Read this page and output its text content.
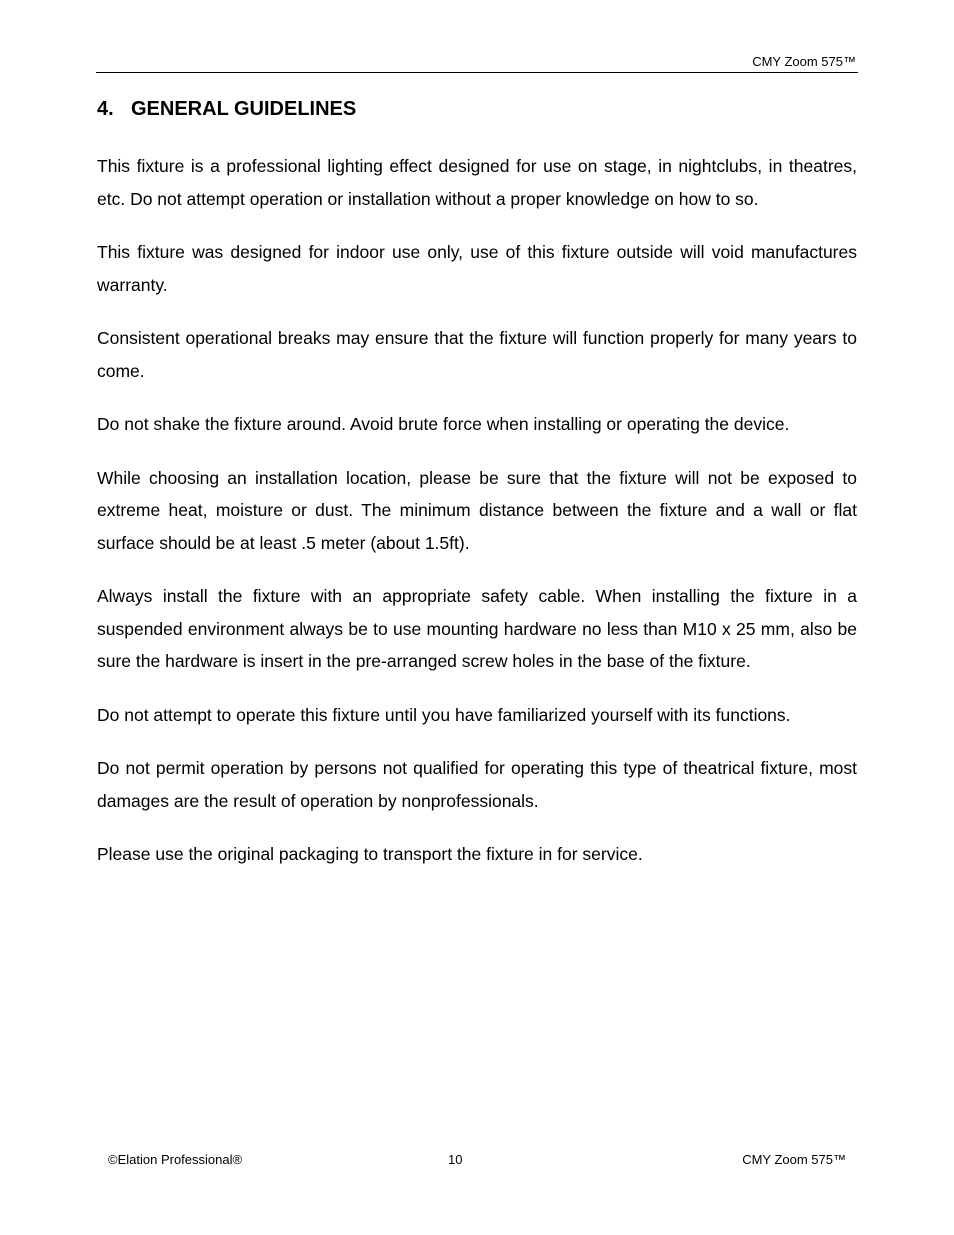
CMY Zoom 575™
4. GENERAL GUIDELINES

This fixture is a professional lighting effect designed for use on stage, in nightclubs, in theatres, etc. Do not attempt operation or installation without a proper knowledge on how to so.

This fixture was designed for indoor use only, use of this fixture outside will void manufactures warranty.

Consistent operational breaks may ensure that the fixture will function properly for many years to come.

Do not shake the fixture around. Avoid brute force when installing or operating the device.

While choosing an installation location, please be sure that the fixture will not be exposed to extreme heat, moisture or dust. The minimum distance between the fixture and a wall or flat surface should be at least .5 meter (about 1.5ft).

Always install the fixture with an appropriate safety cable. When installing the fixture in a suspended environment always be to use mounting hardware no less than M10 x 25 mm, also be sure the hardware is insert in the pre-arranged screw holes in the base of the fixture.

Do not attempt to operate this fixture until you have familiarized yourself with its functions.

Do not permit operation by persons not qualified for operating this type of theatrical fixture, most damages are the result of operation by nonprofessionals.

Please use the original packaging to transport the fixture in for service.

©Elation Professional®	10	CMY Zoom 575™
